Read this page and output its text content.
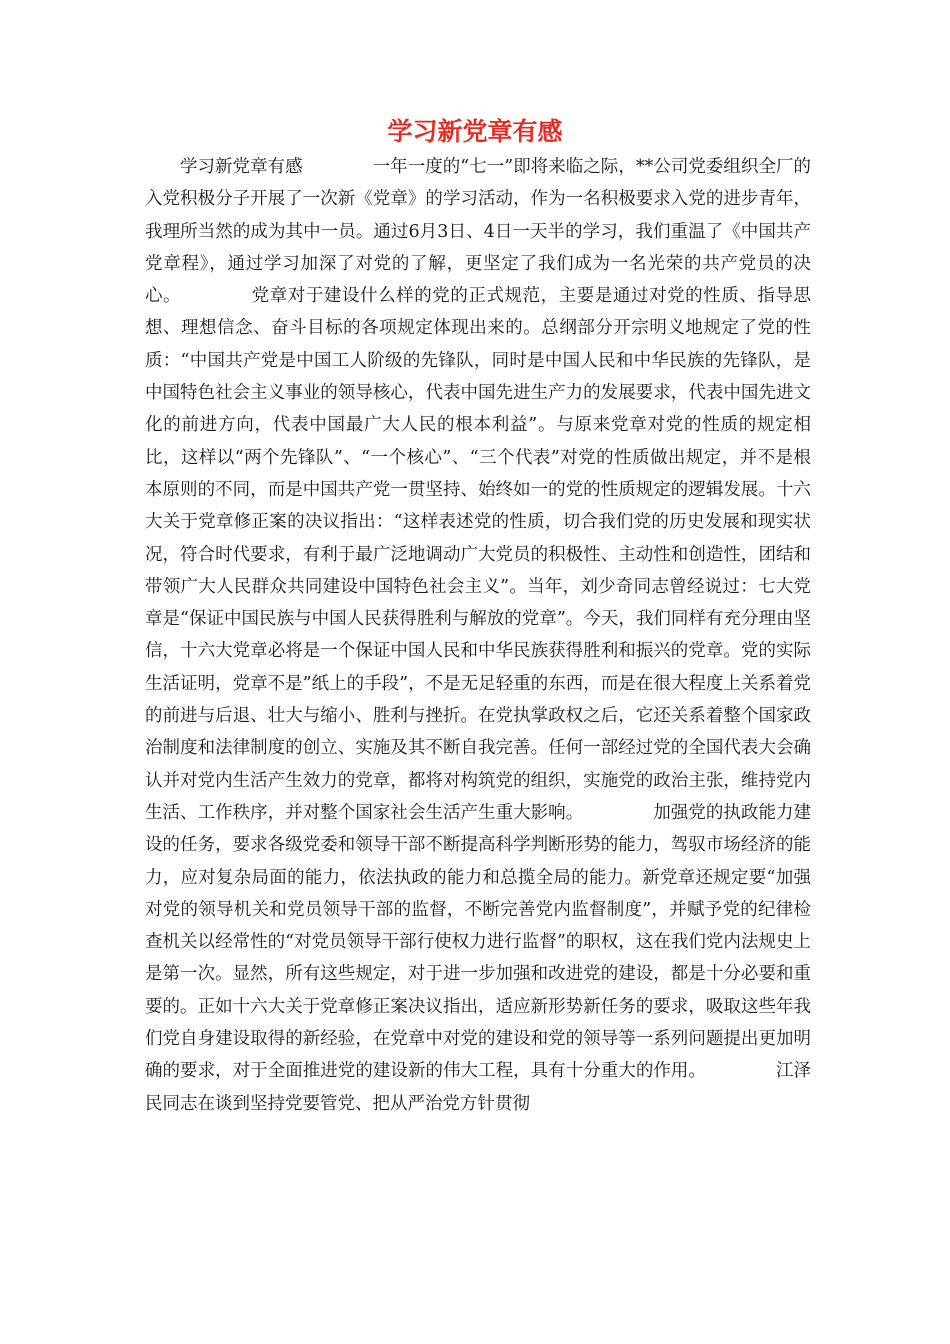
学习新党章有感

学习新党章有感	一年一度的“七一”即将来临之际，**公司党委组织全厂的入党积极分子开展了一次新《党章》的学习活动，作为一名积极要求入党的进步青年，我理所当然的成为其中一员。通过6月3日、4日一天半的学习，我们重温了《中国共产党章程》，通过学习加深了对党的了解，更坚定了我们成为一名光荣的共产党员的决心。	党章对于建设什么样的党的正式规范，主要是通过对党的性质、指导思想、理想信念、奋斗目标的各项规定体现出来的。总纲部分开宗明义地规定了党的性质：“中国共产党是中国工人阶级的先锋队，同时是中国人民和中华民族的先锋队，是中国特色社会主义事业的领导核心，代表中国先进生产力的发展要求，代表中国先进文化的前进方向，代表中国最广大人民的根本利益”。与原来党章对党的性质的规定相比，这样以“两个先锋队”、“一个核心”、“三个代表”对党的性质做出规定，并不是根本原则的不同，而是中国共产党一贯坚持、始终如一的党的性质规定的逻辑发展。十六大关于党章修正案的决议指出：“这样表述党的性质，切合我们党的历史发展和现实状况，符合时代要求，有利于最广泛地调动广大党员的积极性、主动性和创造性，团结和带领广大人民群众共同建设中国特色社会主义”。当年，刘少奇同志曾经说过：七大党章是“保证中国民族与中国人民获得胜利与解放的党章”。今天，我们同样有充分理由坚信，十六大党章必将是一个保证中国人民和中华民族获得胜利和振兴的党章。党的实际生活证明，党章不是”纸上的手段”，不是无足轻重的东西，而是在很大程度上关系着党的前进与后退、壮大与缩小、胜利与挫折。在党执掌政权之后，它还关系着整个国家政治制度和法律制度的创立、实施及其不断自我完善。任何一部经过党的全国代表大会确认并对党内生活产生效力的党章，都将对构筑党的组织，实施党的政治主张，维持党内生活、工作秩序，并对整个国家社会生活产生重大影响。	加强党的执政能力建设的任务，要求各级党委和领导干部不断提高科学判断形势的能力，驾驭市场经济的能力，应对复杂局面的能力，依法执政的能力和总揽全局的能力。新党章还规定要“加强对党的领导机关和党员领导干部的监督，不断完善党内监督制度”，并赋予党的纪律检查机关以经常性的“对党员领导干部行使权力进行监督”的职权，这在我们党内法规史上是第一次。显然，所有这些规定，对于进一步加强和改进党的建设，都是十分必要和重要的。正如十六大关于党章修正案决议指出，适应新形势新任务的要求，吸取这些年我们党自身建设取得的新经验，在党章中对党的建设和党的领导等一系列问题提出更加明确的要求，对于全面推进党的建设新的伟大工程，具有十分重大的作用。	江泽民同志在谈到坚持党要管党、把从严治党方针贯彻
